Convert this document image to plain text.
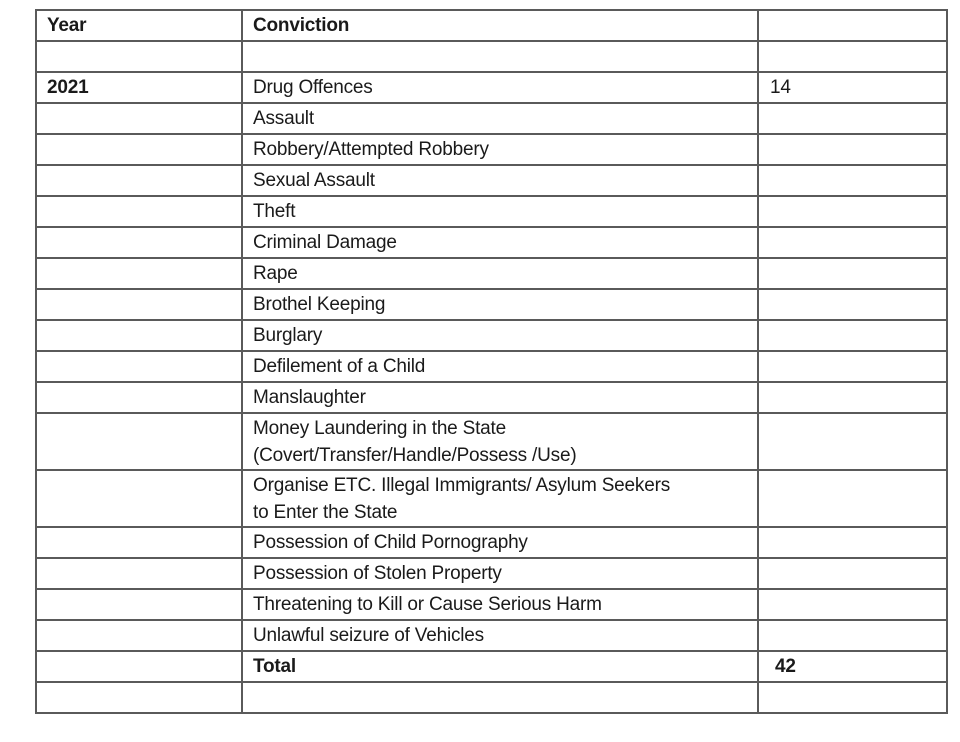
Year	Conviction	

2021	Drug Offences	14
	Assault	
	Robbery/Attempted Robbery	
	Sexual Assault	
	Theft	
	Criminal Damage	
	Rape	
	Brothel Keeping	
	Burglary	
	Defilement of a Child	
	Manslaughter	
	Money Laundering in the State
(Covert/Transfer/Handle/Possess /Use)	
	Organise ETC. Illegal Immigrants/ Asylum Seekers
to Enter the State	
	Possession of Child Pornography	
	Possession of Stolen Property	
	Threatening to Kill or Cause Serious Harm	
	Unlawful seizure of Vehicles	
	Total	42
